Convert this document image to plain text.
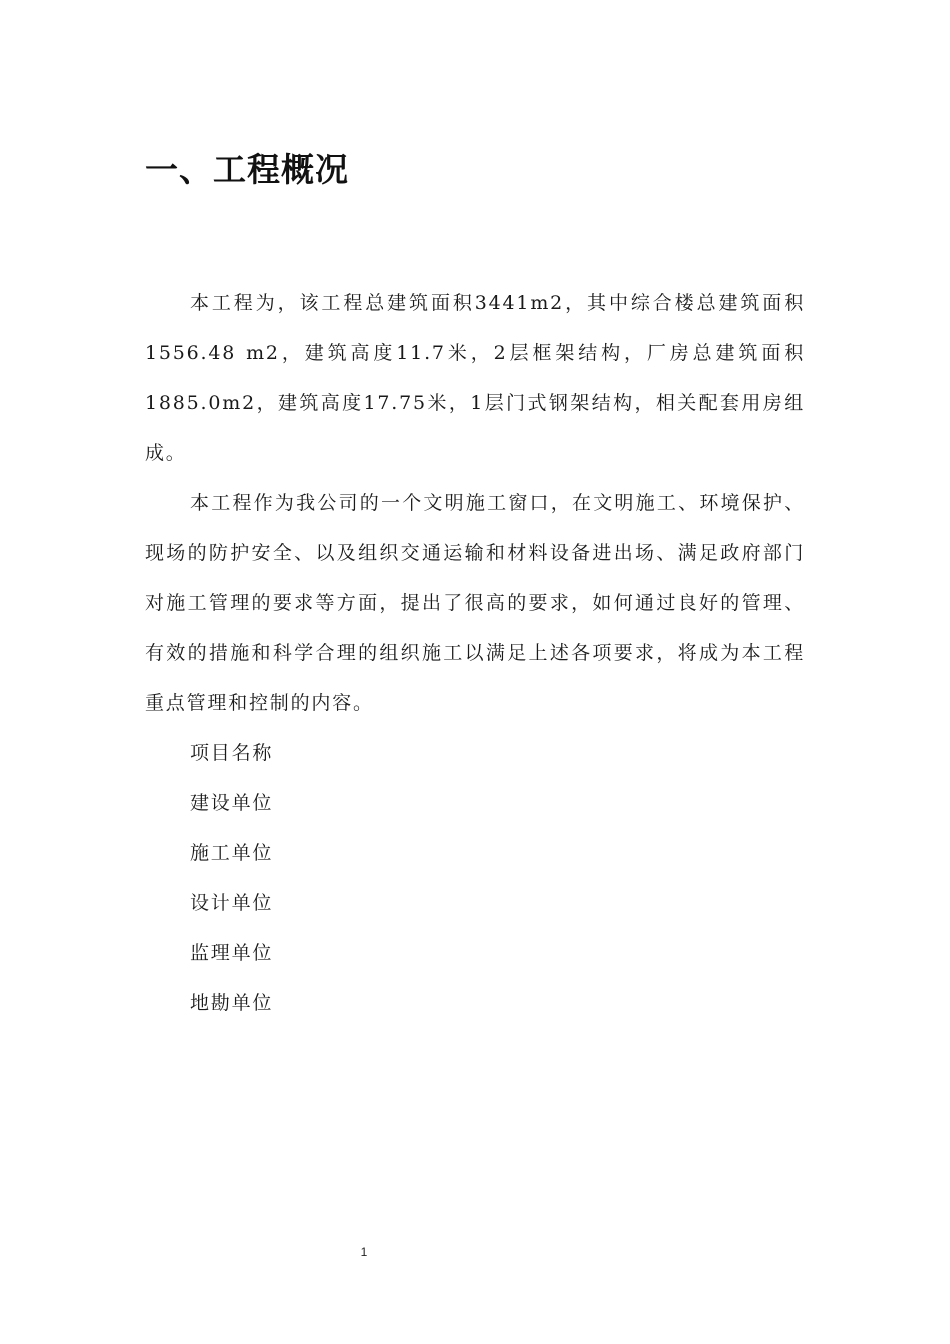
一、工程概况

本工程为，该工程总建筑面积3441m2，其中综合楼总建筑面积1556.48 m2，建筑高度11.7米，2层框架结构，厂房总建筑面积1885.0m2，建筑高度17.75米，1层门式钢架结构，相关配套用房组成。

本工程作为我公司的一个文明施工窗口，在文明施工、环境保护、现场的防护安全、以及组织交通运输和材料设备进出场、满足政府部门对施工管理的要求等方面，提出了很高的要求，如何通过良好的管理、有效的措施和科学合理的组织施工以满足上述各项要求，将成为本工程重点管理和控制的内容。

项目名称

建设单位

施工单位

设计单位

监理单位

地勘单位

1
